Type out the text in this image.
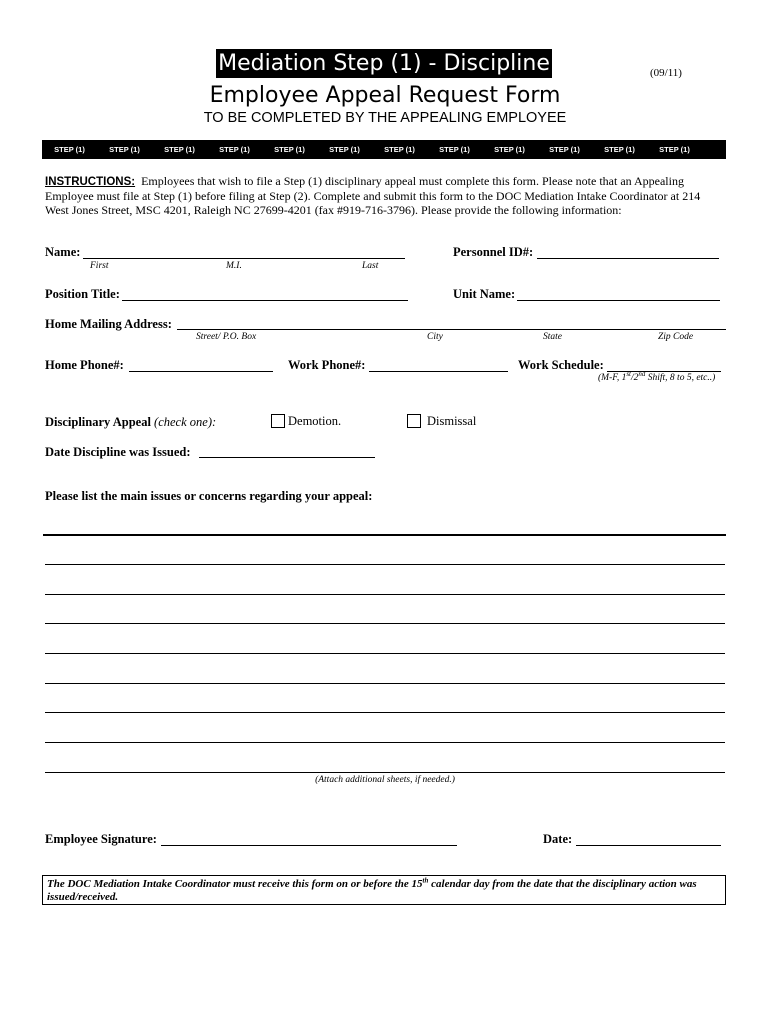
Mediation Step (1) - Discipline	(09/11)
Employee Appeal Request Form
TO BE COMPLETED BY THE APPEALING EMPLOYEE
STEP (1)	STEP (1)	STEP (1)	STEP (1)	STEP (1)	STEP (1)	STEP (1)	STEP (1)	STEP (1)	STEP (1)	STEP (1)	STEP (1)
INSTRUCTIONS: Employees that wish to file a Step (1) disciplinary appeal must complete this form. Please note that an Appealing Employee must file at Step (1) before filing at Step (2). Complete and submit this form to the DOC Mediation Intake Coordinator at 214 West Jones Street, MSC 4201, Raleigh NC 27699-4201 (fax #919-716-3796). Please provide the following information:
Name:
First	M.I.	Last
Personnel ID#:
Position Title:	Unit Name:
Home Mailing Address:
Street/ P.O. Box	City	State	Zip Code
Home Phone#:	Work Phone#:	Work Schedule:
(M-F, 1st/2nd Shift, 8 to 5, etc..)
Disciplinary Appeal (check one):	Demotion.	Dismissal
Date Discipline was Issued:
Please list the main issues or concerns regarding your appeal:
(Attach additional sheets, if needed.)
Employee Signature:	Date:
The DOC Mediation Intake Coordinator must receive this form on or before the 15th calendar day from the date that the disciplinary action was issued/received.
